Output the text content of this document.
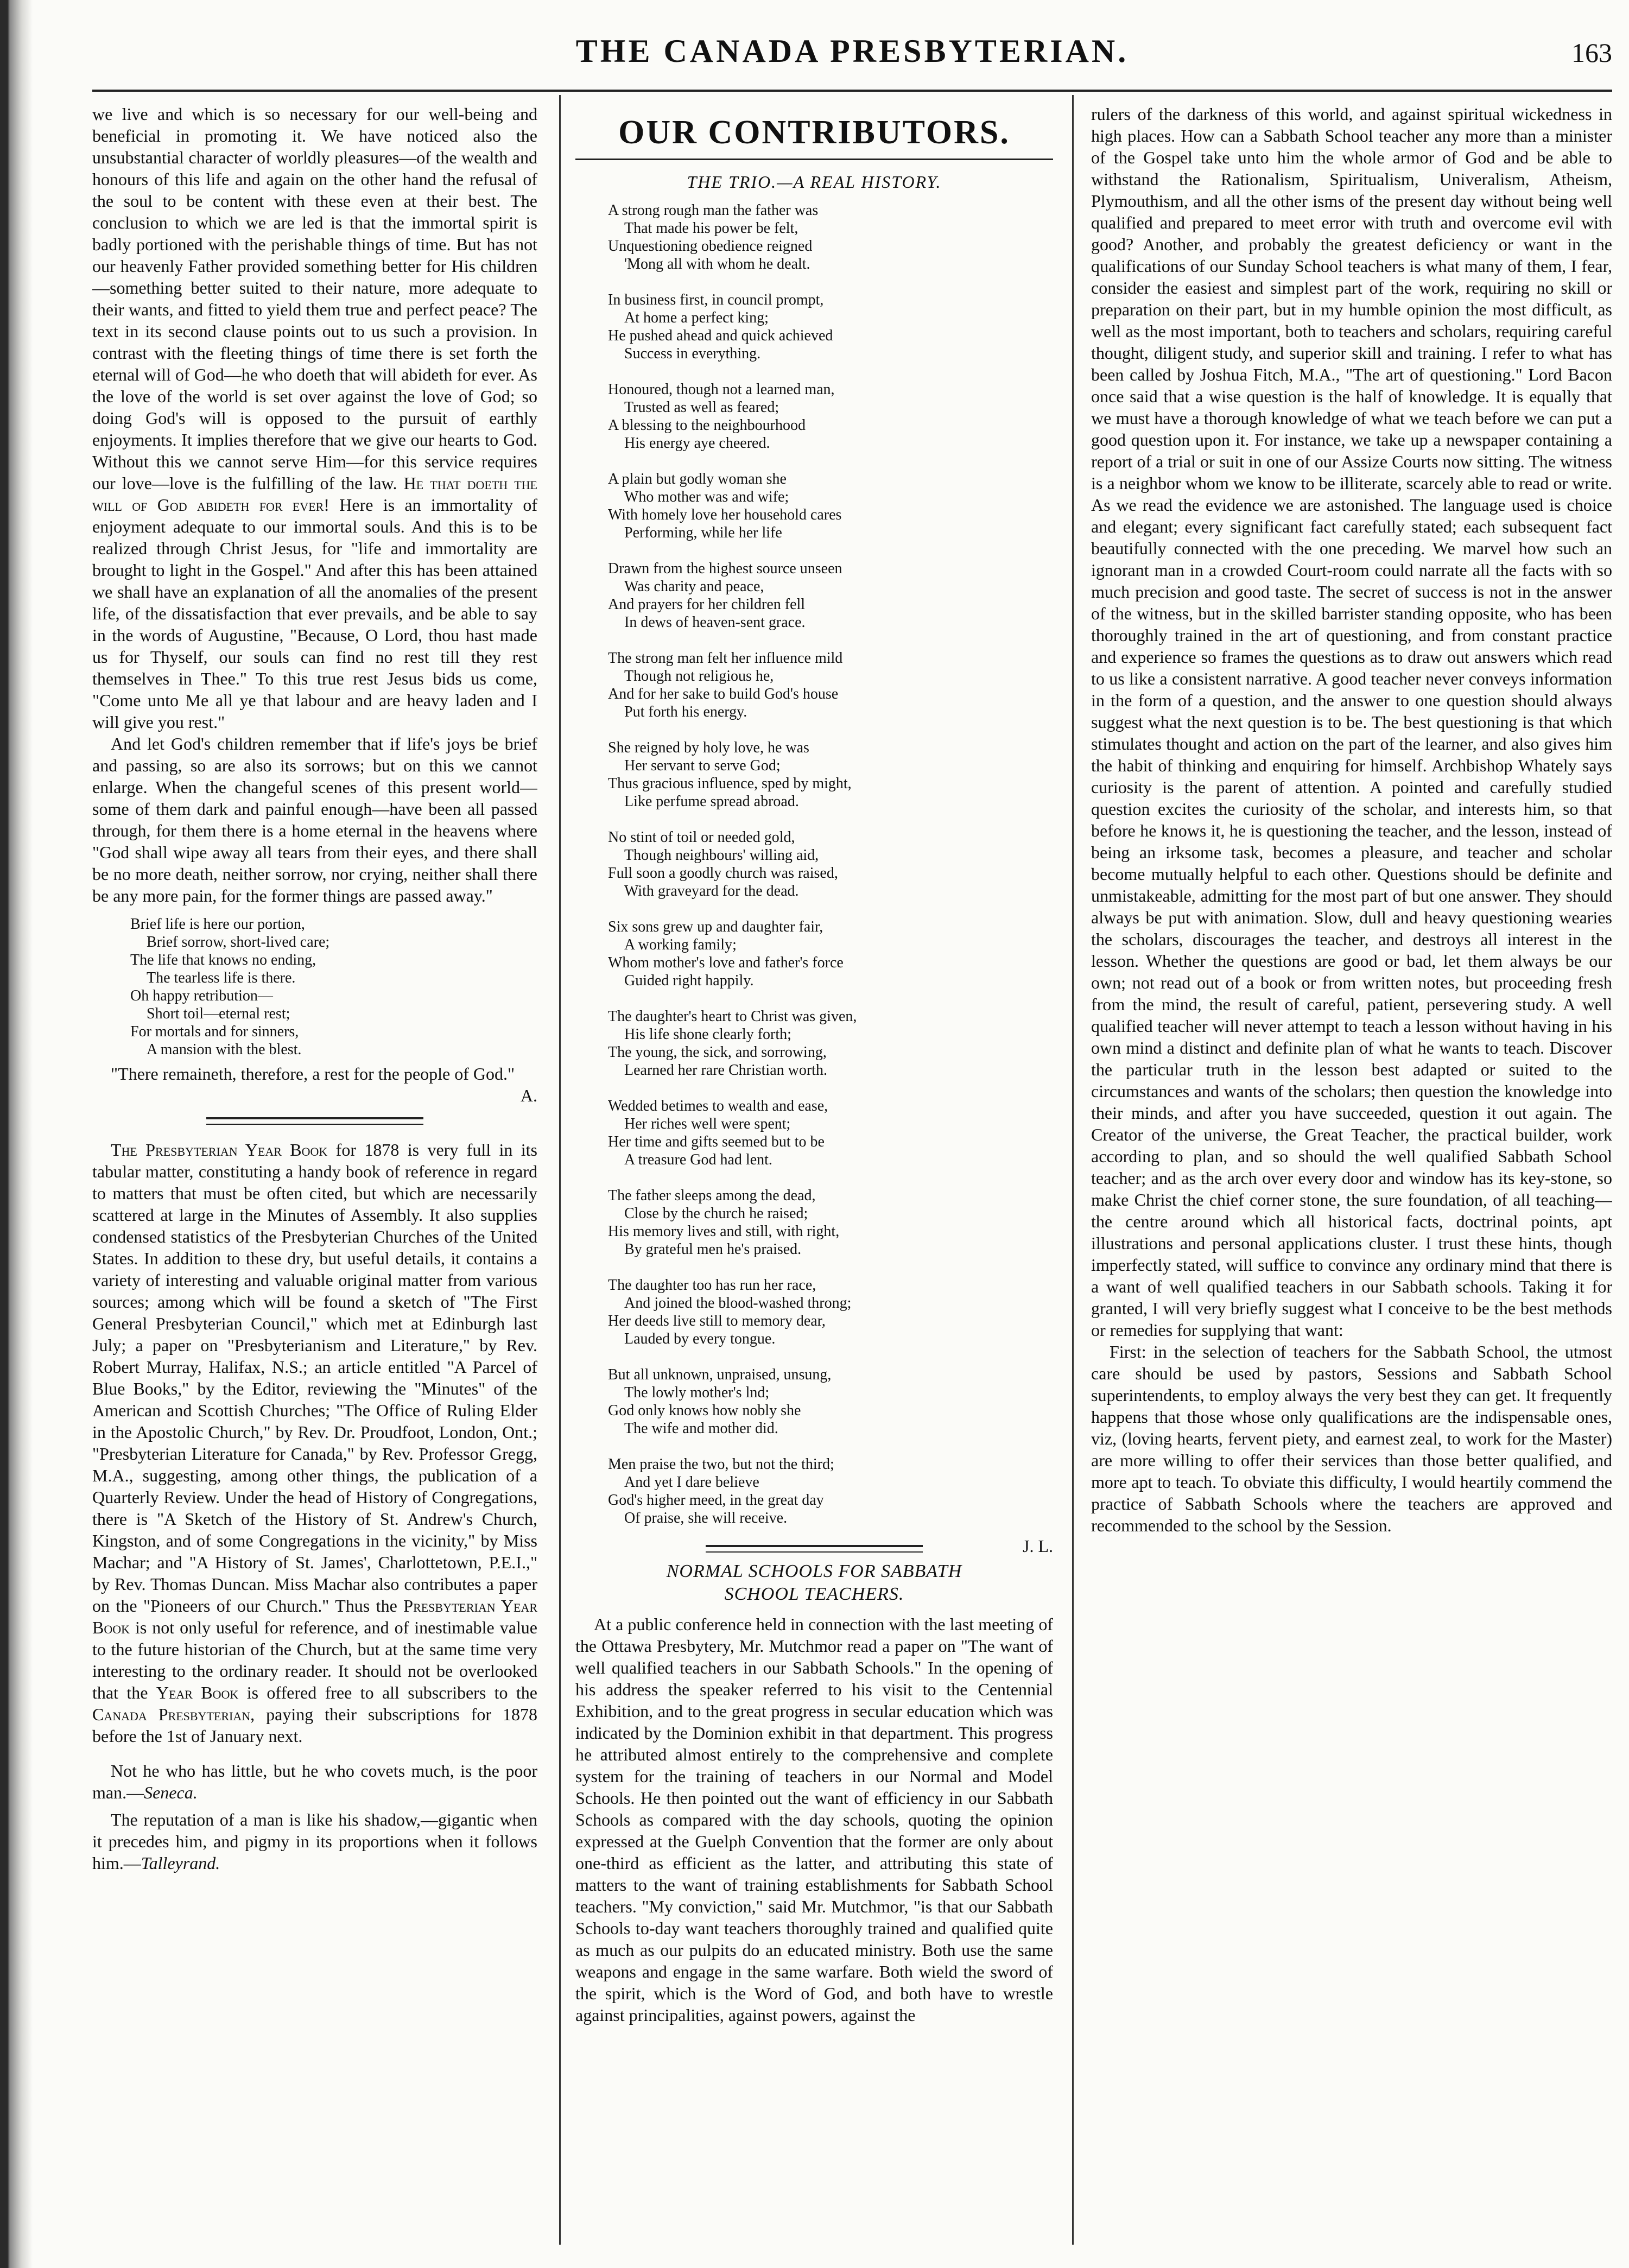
THE CANADA PRESBYTERIAN.	163

we live and which is so necessary for our well-being and beneficial in promoting it. We have noticed also the unsubstantial character of worldly pleasures—of the wealth and honours of this life and again on the other hand the refusal of the soul to be content with these even at their best. The conclusion to which we are led is that the immortal spirit is badly portioned with the perishable things of time. But has not our heavenly Father provided something better for His children—something better suited to their nature, more adequate to their wants, and fitted to yield them true and perfect peace? The text in its second clause points out to us such a provision. In contrast with the fleeting things of time there is set forth the eternal will of God—he who doeth that will abideth for ever. As the love of the world is set over against the love of God; so doing God's will is opposed to the pursuit of earthly enjoyments. It implies therefore that we give our hearts to God. Without this we cannot serve Him—for this service requires our love—love is the fulfilling of the law. He that doeth the will of God abideth for ever! Here is an immortality of enjoyment adequate to our immortal souls. And this is to be realized through Christ Jesus, for "life and immortality are brought to light in the Gospel." And after this has been attained we shall have an explanation of all the anomalies of the present life, of the dissatisfaction that ever prevails, and be able to say in the words of Augustine, "Because, O Lord, thou hast made us for Thyself, our souls can find no rest till they rest themselves in Thee." To this true rest Jesus bids us come, "Come unto Me all ye that labour and are heavy laden and I will give you rest."

And let God's children remember that if life's joys be brief and passing, so are also its sorrows; but on this we cannot enlarge. When the changeful scenes of this present world—some of them dark and painful enough—have been all passed through, for them there is a home eternal in the heavens where "God shall wipe away all tears from their eyes, and there shall be no more death, neither sorrow, nor crying, neither shall there be any more pain, for the former things are passed away."

Brief life is here our portion,
Brief sorrow, short-lived care;
The life that knows no ending,
The tearless life is there.
Oh happy retribution—
Short toil—eternal rest;
For mortals and for sinners,
A mansion with the blest.

"There remaineth, therefore, a rest for the people of God."

A.

The Presbyterian Year Book for 1878 is very full in its tabular matter, constituting a handy book of reference in regard to matters that must be often cited, but which are necessarily scattered at large in the Minutes of Assembly. It also supplies condensed statistics of the Presbyterian Churches of the United States. In addition to these dry, but useful details, it contains a variety of interesting and valuable original matter from various sources; among which will be found a sketch of "The First General Presbyterian Council," which met at Edinburgh last July; a paper on "Presbyterianism and Literature," by Rev. Robert Murray, Halifax, N.S.; an article entitled "A Parcel of Blue Books," by the Editor, reviewing the "Minutes" of the American and Scottish Churches; "The Office of Ruling Elder in the Apostolic Church," by Rev. Dr. Proudfoot, London, Ont.; "Presbyterian Literature for Canada," by Rev. Professor Gregg, M.A., suggesting, among other things, the publication of a Quarterly Review. Under the head of History of Congregations, there is "A Sketch of the History of St. Andrew's Church, Kingston, and of some Congregations in the vicinity," by Miss Machar; and "A History of St. James', Charlottetown, P.E.I.," by Rev. Thomas Duncan. Miss Machar also contributes a paper on the "Pioneers of our Church." Thus the Presbyterian Year Book is not only useful for reference, and of inestimable value to the future historian of the Church, but at the same time very interesting to the ordinary reader. It should not be overlooked that the Year Book is offered free to all subscribers to the Canada Presbyterian, paying their subscriptions for 1878 before the 1st of January next.

Not he who has little, but he who covets much, is the poor man.—Seneca.

The reputation of a man is like his shadow,—gigantic when it precedes him, and pigmy in its proportions when it follows him.—Talleyrand.

OUR CONTRIBUTORS.
THE TRIO.—A REAL HISTORY.
A strong rough man the father was
That made his power be felt,
Unquestioning obedience reigned
'Mong all with whom he dealt.
In business first, in council prompt,
At home a perfect king;
He pushed ahead and quick achieved
Success in everything.
Honoured, though not a learned man,
Trusted as well as feared;
A blessing to the neighbourhood
His energy aye cheered.
A plain but godly woman she
Who mother was and wife;
With homely love her household cares
Performing, while her life
Drawn from the highest source unseen
Was charity and peace,
And prayers for her children fell
In dews of heaven-sent grace.
The strong man felt her influence mild
Though not religious he,
And for her sake to build God's house
Put forth his energy.
She reigned by holy love, he was
Her servant to serve God;
Thus gracious influence, sped by might,
Like perfume spread abroad.
No stint of toil or needed gold,
Though neighbours' willing aid,
Full soon a goodly church was raised,
With graveyard for the dead.
Six sons grew up and daughter fair,
A working family;
Whom mother's love and father's force
Guided right happily.
The daughter's heart to Christ was given,
His life shone clearly forth;
The young, the sick, and sorrowing,
Learned her rare Christian worth.
Wedded betimes to wealth and ease,
Her riches well were spent;
Her time and gifts seemed but to be
A treasure God had lent.
The father sleeps among the dead,
Close by the church he raised;
His memory lives and still, with right,
By grateful men he's praised.
The daughter too has run her race,
And joined the blood-washed throng;
Her deeds live still to memory dear,
Lauded by every tongue.
But all unknown, unpraised, unsung,
The lowly mother's lnd;
God only knows how nobly she
The wife and mother did.
Men praise the two, but not the third;
And yet I dare believe
God's higher meed, in the great day
Of praise, she will receive.
J. L.
NORMAL SCHOOLS FOR SABBATH
SCHOOL TEACHERS.

At a public conference held in connection with the last meeting of the Ottawa Presbytery, Mr. Mutchmor read a paper on "The want of well qualified teachers in our Sabbath Schools." In the opening of his address the speaker referred to his visit to the Centennial Exhibition, and to the great progress in secular education which was indicated by the Dominion exhibit in that department. This progress he attributed almost entirely to the comprehensive and complete system for the training of teachers in our Normal and Model Schools. He then pointed out the want of efficiency in our Sabbath Schools as compared with the day schools, quoting the opinion expressed at the Guelph Convention that the former are only about one-third as efficient as the latter, and attributing this state of matters to the want of training establishments for Sabbath School teachers. "My conviction," said Mr. Mutchmor, "is that our Sabbath Schools to-day want teachers thoroughly trained and qualified quite as much as our pulpits do an educated ministry. Both use the same weapons and engage in the same warfare. Both wield the sword of the spirit, which is the Word of God, and both have to wrestle against principalities, against powers, against the

rulers of the darkness of this world, and against spiritual wickedness in high places. How can a Sabbath School teacher any more than a minister of the Gospel take unto him the whole armor of God and be able to withstand the Rationalism, Spiritualism, Univeralism, Atheism, Plymouthism, and all the other isms of the present day without being well qualified and prepared to meet error with truth and overcome evil with good? Another, and probably the greatest deficiency or want in the qualifications of our Sunday School teachers is what many of them, I fear, consider the easiest and simplest part of the work, requiring no skill or preparation on their part, but in my humble opinion the most difficult, as well as the most important, both to teachers and scholars, requiring careful thought, diligent study, and superior skill and training. I refer to what has been called by Joshua Fitch, M.A., "The art of questioning." Lord Bacon once said that a wise question is the half of knowledge. It is equally that we must have a thorough knowledge of what we teach before we can put a good question upon it. For instance, we take up a newspaper containing a report of a trial or suit in one of our Assize Courts now sitting. The witness is a neighbor whom we know to be illiterate, scarcely able to read or write. As we read the evidence we are astonished. The language used is choice and elegant; every significant fact carefully stated; each subsequent fact beautifully connected with the one preceding. We marvel how such an ignorant man in a crowded Court-room could narrate all the facts with so much precision and good taste. The secret of success is not in the answer of the witness, but in the skilled barrister standing opposite, who has been thoroughly trained in the art of questioning, and from constant practice and experience so frames the questions as to draw out answers which read to us like a consistent narrative. A good teacher never conveys information in the form of a question, and the answer to one question should always suggest what the next question is to be. The best questioning is that which stimulates thought and action on the part of the learner, and also gives him the habit of thinking and enquiring for himself. Archbishop Whately says curiosity is the parent of attention. A pointed and carefully studied question excites the curiosity of the scholar, and interests him, so that before he knows it, he is questioning the teacher, and the lesson, instead of being an irksome task, becomes a pleasure, and teacher and scholar become mutually helpful to each other. Questions should be definite and unmistakeable, admitting for the most part of but one answer. They should always be put with animation. Slow, dull and heavy questioning wearies the scholars, discourages the teacher, and destroys all interest in the lesson. Whether the questions are good or bad, let them always be our own; not read out of a book or from written notes, but proceeding fresh from the mind, the result of careful, patient, persevering study. A well qualified teacher will never attempt to teach a lesson without having in his own mind a distinct and definite plan of what he wants to teach. Discover the particular truth in the lesson best adapted or suited to the circumstances and wants of the scholars; then question the knowledge into their minds, and after you have succeeded, question it out again. The Creator of the universe, the Great Teacher, the practical builder, work according to plan, and so should the well qualified Sabbath School teacher; and as the arch over every door and window has its key-stone, so make Christ the chief corner stone, the sure foundation, of all teaching—the centre around which all historical facts, doctrinal points, apt illustrations and personal applications cluster. I trust these hints, though imperfectly stated, will suffice to convince any ordinary mind that there is a want of well qualified teachers in our Sabbath schools. Taking it for granted, I will very briefly suggest what I conceive to be the best methods or remedies for supplying that want:

First: in the selection of teachers for the Sabbath School, the utmost care should be used by pastors, Sessions and Sabbath School superintendents, to employ always the very best they can get. It frequently happens that those whose only qualifications are the indispensable ones, viz, (loving hearts, fervent piety, and earnest zeal, to work for the Master) are more willing to offer their services than those better qualified, and more apt to teach. To obviate this difficulty, I would heartily commend the practice of Sabbath Schools where the teachers are approved and recommended to the school by the Session.
